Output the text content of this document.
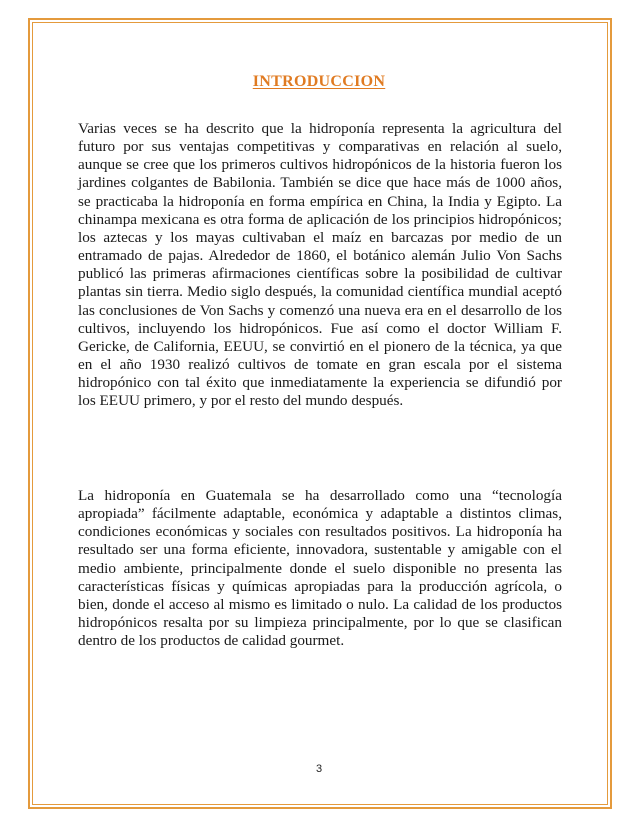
INTRODUCCION

Varias veces se ha descrito que la hidroponía representa la agricultura del futuro por sus ventajas competitivas y comparativas en relación al suelo, aunque se cree que los primeros cultivos hidropónicos de la historia fueron los jardines colgantes de Babilonia. También se dice que hace más de 1000 años, se practicaba la hidroponía en forma empírica en China, la India y Egipto. La chinampa mexicana es otra forma de aplicación de los principios hidropónicos; los aztecas y los mayas cultivaban el maíz en barcazas por medio de un entramado de pajas. Alrededor de 1860, el botánico alemán Julio Von Sachs publicó las primeras afirmaciones científicas sobre la posibilidad de cultivar plantas sin tierra. Medio siglo después, la comunidad científica mundial aceptó las conclusiones de Von Sachs y comenzó una nueva era en el desarrollo de los cultivos, incluyendo los hidropónicos. Fue así como el doctor William F. Gericke, de California, EEUU, se convirtió en el pionero de la técnica, ya que en el año 1930 realizó cultivos de tomate en gran escala por el sistema hidropónico con tal éxito que inmediatamente la experiencia se difundió por los EEUU primero, y por el resto del mundo después.

La hidroponía en Guatemala se ha desarrollado como una “tecnología apropiada” fácilmente adaptable, económica y adaptable a distintos climas, condiciones económicas y sociales con resultados positivos. La hidroponía ha resultado ser una forma eficiente, innovadora, sustentable y amigable con el medio ambiente, principalmente donde el suelo disponible no presenta las características físicas y químicas apropiadas para la producción agrícola, o bien, donde el acceso al mismo es limitado o nulo. La calidad de los productos hidropónicos resalta por su limpieza principalmente, por lo que se clasifican dentro de los productos de calidad gourmet.

3
